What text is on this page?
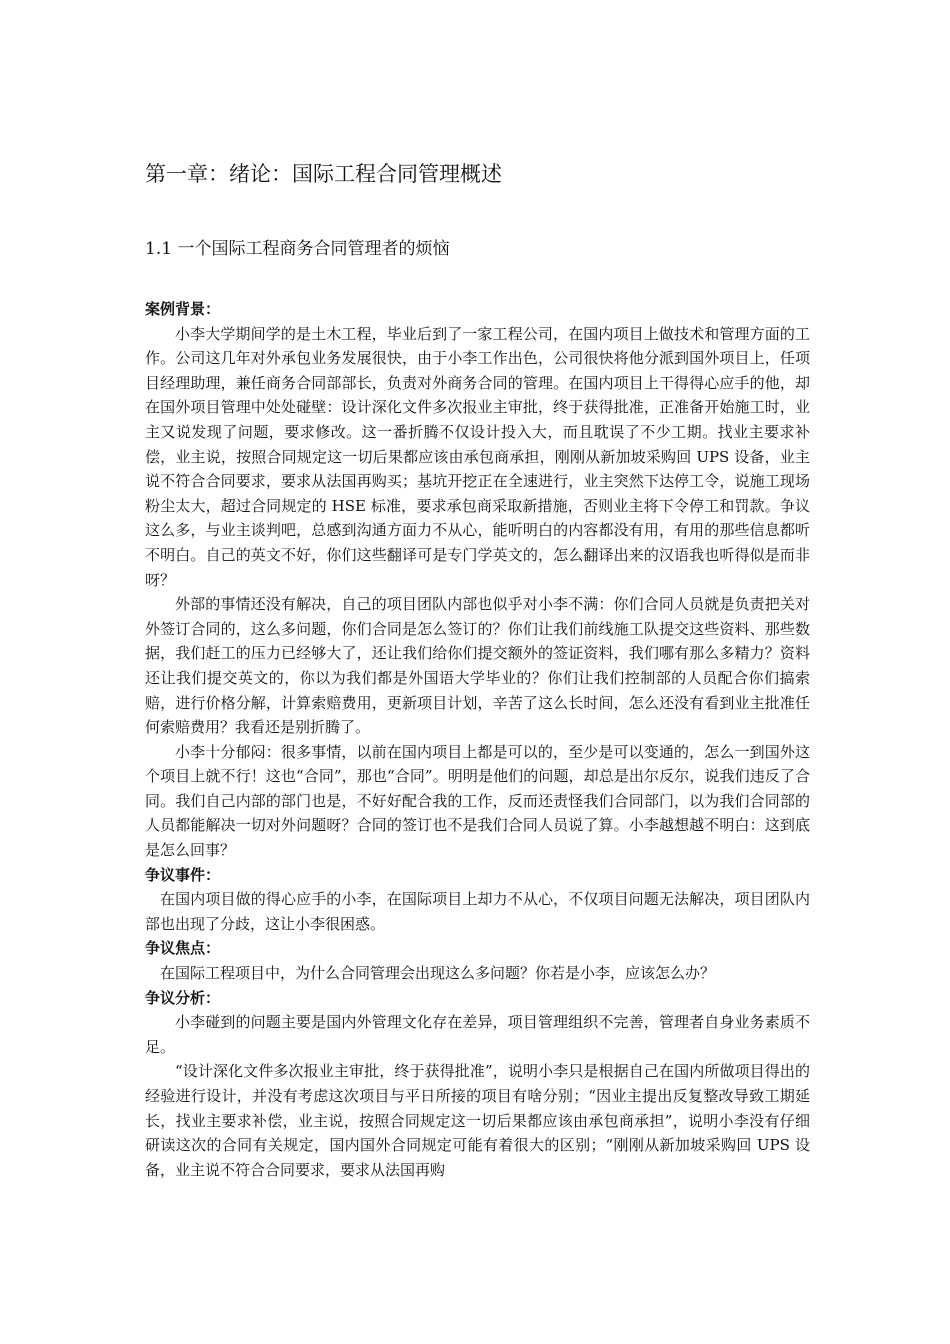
第一章：绪论：国际工程合同管理概述
1.1 一个国际工程商务合同管理者的烦恼

案例背景：

小李大学期间学的是土木工程，毕业后到了一家工程公司，在国内项目上做技术和管理方面的工作。公司这几年对外承包业务发展很快，由于小李工作出色，公司很快将他分派到国外项目上，任项目经理助理，兼任商务合同部部长，负责对外商务合同的管理。在国内项目上干得得心应手的他，却在国外项目管理中处处碰壁：设计深化文件多次报业主审批，终于获得批准，正准备开始施工时，业主又说发现了问题，要求修改。这一番折腾不仅设计投入大，而且耽误了不少工期。找业主要求补偿，业主说，按照合同规定这一切后果都应该由承包商承担，刚刚从新加坡采购回 UPS 设备，业主说不符合合同要求，要求从法国再购买；基坑开挖正在全速进行，业主突然下达停工令，说施工现场粉尘太大，超过合同规定的 HSE 标准，要求承包商采取新措施，否则业主将下令停工和罚款。争议这么多，与业主谈判吧，总感到沟通方面力不从心，能听明白的内容都没有用，有用的那些信息都听不明白。自己的英文不好，你们这些翻译可是专门学英文的，怎么翻译出来的汉语我也听得似是而非呀？

外部的事情还没有解决，自己的项目团队内部也似乎对小李不满：你们合同人员就是负责把关对外签订合同的，这么多问题，你们合同是怎么签订的？你们让我们前线施工队提交这些资料、那些数据，我们赶工的压力已经够大了，还让我们给你们提交额外的签证资料，我们哪有那么多精力？资料还让我们提交英文的，你以为我们都是外国语大学毕业的？你们让我们控制部的人员配合你们搞索赔，进行价格分解，计算索赔费用，更新项目计划，辛苦了这么长时间，怎么还没有看到业主批准任何索赔费用？我看还是别折腾了。

小李十分郁闷：很多事情，以前在国内项目上都是可以的，至少是可以变通的，怎么一到国外这个项目上就不行！这也“合同”，那也“合同”。明明是他们的问题，却总是出尔反尔，说我们违反了合同。我们自己内部的部门也是，不好好配合我的工作，反而还责怪我们合同部门，以为我们合同部的人员都能解决一切对外问题呀？合同的签订也不是我们合同人员说了算。小李越想越不明白：这到底是怎么回事？

争议事件：

在国内项目做的得心应手的小李，在国际项目上却力不从心，不仅项目问题无法解决，项目团队内部也出现了分歧，这让小李很困惑。

争议焦点：

在国际工程项目中，为什么合同管理会出现这么多问题？你若是小李，应该怎么办？

争议分析：

小李碰到的问题主要是国内外管理文化存在差异，项目管理组织不完善，管理者自身业务素质不足。

“设计深化文件多次报业主审批，终于获得批准”，说明小李只是根据自己在国内所做项目得出的经验进行设计，并没有考虑这次项目与平日所接的项目有啥分别；“因业主提出反复整改导致工期延长，找业主要求补偿，业主说，按照合同规定这一切后果都应该由承包商承担”，说明小李没有仔细研读这次的合同有关规定，国内国外合同规定可能有着很大的区别；“刚刚从新加坡采购回 UPS 设备，业主说不符合合同要求，要求从法国再购
